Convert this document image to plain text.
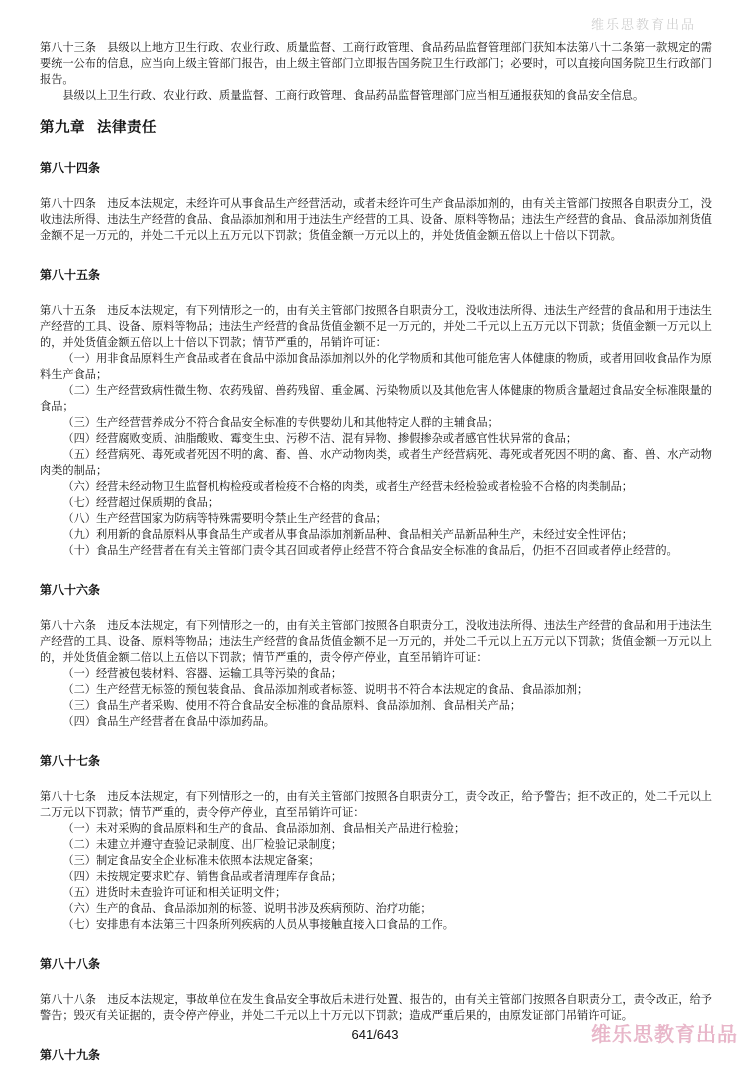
维乐思教育出品

第八十三条　县级以上地方卫生行政、农业行政、质量监督、工商行政管理、食品药品监督管理部门获知本法第八十二条第一款规定的需要统一公布的信息，应当向上级主管部门报告，由上级主管部门立即报告国务院卫生行政部门；必要时，可以直接向国务院卫生行政部门报告。

县级以上卫生行政、农业行政、质量监督、工商行政管理、食品药品监督管理部门应当相互通报获知的食品安全信息。

第九章 法律责任
第八十四条

第八十四条　违反本法规定，未经许可从事食品生产经营活动，或者未经许可生产食品添加剂的，由有关主管部门按照各自职责分工，没收违法所得、违法生产经营的食品、食品添加剂和用于违法生产经营的工具、设备、原料等物品；违法生产经营的食品、食品添加剂货值金额不足一万元的，并处二千元以上五万元以下罚款；货值金额一万元以上的，并处货值金额五倍以上十倍以下罚款。

第八十五条

第八十五条　违反本法规定，有下列情形之一的，由有关主管部门按照各自职责分工，没收违法所得、违法生产经营的食品和用于违法生产经营的工具、设备、原料等物品；违法生产经营的食品货值金额不足一万元的，并处二千元以上五万元以下罚款；货值金额一万元以上的，并处货值金额五倍以上十倍以下罚款；情节严重的，吊销许可证：

（一）用非食品原料生产食品或者在食品中添加食品添加剂以外的化学物质和其他可能危害人体健康的物质，或者用回收食品作为原料生产食品；

（二）生产经营致病性微生物、农药残留、兽药残留、重金属、污染物质以及其他危害人体健康的物质含量超过食品安全标准限量的食品；

（三）生产经营营养成分不符合食品安全标准的专供婴幼儿和其他特定人群的主辅食品；

（四）经营腐败变质、油脂酸败、霉变生虫、污秽不洁、混有异物、掺假掺杂或者感官性状异常的食品；

（五）经营病死、毒死或者死因不明的禽、畜、兽、水产动物肉类，或者生产经营病死、毒死或者死因不明的禽、畜、兽、水产动物肉类的制品；

（六）经营未经动物卫生监督机构检疫或者检疫不合格的肉类，或者生产经营未经检验或者检验不合格的肉类制品；

（七）经营超过保质期的食品；

（八）生产经营国家为防病等特殊需要明令禁止生产经营的食品；

（九）利用新的食品原料从事食品生产或者从事食品添加剂新品种、食品相关产品新品种生产，未经过安全性评估；

（十）食品生产经营者在有关主管部门责令其召回或者停止经营不符合食品安全标准的食品后，仍拒不召回或者停止经营的。

第八十六条

第八十六条　违反本法规定，有下列情形之一的，由有关主管部门按照各自职责分工，没收违法所得、违法生产经营的食品和用于违法生产经营的工具、设备、原料等物品；违法生产经营的食品货值金额不足一万元的，并处二千元以上五万元以下罚款；货值金额一万元以上的，并处货值金额二倍以上五倍以下罚款；情节严重的，责令停产停业，直至吊销许可证：

（一）经营被包装材料、容器、运输工具等污染的食品；

（二）生产经营无标签的预包装食品、食品添加剂或者标签、说明书不符合本法规定的食品、食品添加剂；

（三）食品生产者采购、使用不符合食品安全标准的食品原料、食品添加剂、食品相关产品；

（四）食品生产经营者在食品中添加药品。

第八十七条

第八十七条　违反本法规定，有下列情形之一的，由有关主管部门按照各自职责分工，责令改正，给予警告；拒不改正的，处二千元以上二万元以下罚款；情节严重的，责令停产停业，直至吊销许可证：

（一）未对采购的食品原料和生产的食品、食品添加剂、食品相关产品进行检验；

（二）未建立并遵守查验记录制度、出厂检验记录制度；

（三）制定食品安全企业标准未依照本法规定备案；

（四）未按规定要求贮存、销售食品或者清理库存食品；

（五）进货时未查验许可证和相关证明文件；

（六）生产的食品、食品添加剂的标签、说明书涉及疾病预防、治疗功能；

（七）安排患有本法第三十四条所列疾病的人员从事接触直接入口食品的工作。

第八十八条

第八十八条　违反本法规定，事故单位在发生食品安全事故后未进行处置、报告的，由有关主管部门按照各自职责分工，责令改正，给予警告；毁灭有关证据的，责令停产停业，并处二千元以上十万元以下罚款；造成严重后果的，由原发证部门吊销许可证。

第八十九条
641/643	维乐思教育出品
